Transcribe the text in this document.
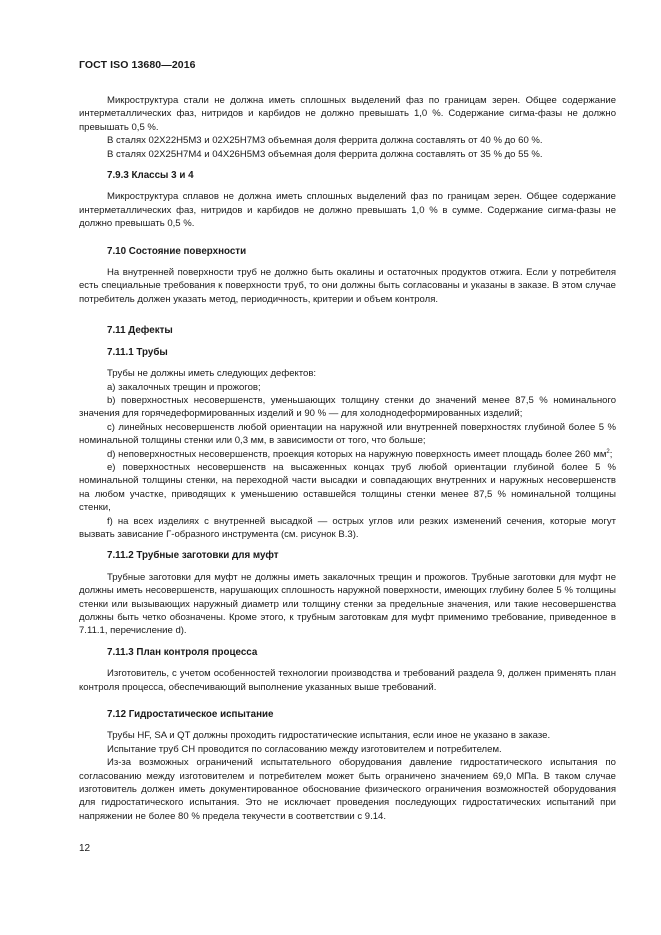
ГОСТ ISO 13680—2016

Микроструктура стали не должна иметь сплошных выделений фаз по границам зерен. Общее содержание интерметаллических фаз, нитридов и карбидов не должно превышать 1,0 %. Содержание сигма-фазы не должно превышать 0,5 %.

В сталях 02Х22Н5М3 и 02Х25Н7М3 объемная доля феррита должна составлять от 40 % до 60 %.

В сталях 02Х25Н7М4 и 04Х26Н5М3 объемная доля феррита должна составлять от 35 % до 55 %.

7.9.3 Классы 3 и 4

Микроструктура сплавов не должна иметь сплошных выделений фаз по границам зерен. Общее содержание интерметаллических фаз, нитридов и карбидов не должно превышать 1,0 % в сумме. Содержание сигма-фазы не должно превышать 0,5 %.

7.10 Состояние поверхности

На внутренней поверхности труб не должно быть окалины и остаточных продуктов отжига. Если у потребителя есть специальные требования к поверхности труб, то они должны быть согласованы и указаны в заказе. В этом случае потребитель должен указать метод, периодичность, критерии и объем контроля.

7.11 Дефекты
7.11.1 Трубы

Трубы не должны иметь следующих дефектов:

а) закалочных трещин и прожогов;

b) поверхностных несовершенств, уменьшающих толщину стенки до значений менее 87,5 % номинального значения для горячедеформированных изделий и 90 % — для холоднодеформированных изделий;

c) линейных несовершенств любой ориентации на наружной или внутренней поверхностях глубиной более 5 % номинальной толщины стенки или 0,3 мм, в зависимости от того, что больше;

d) неповерхностных несовершенств, проекция которых на наружную поверхность имеет площадь более 260 $мм^2$;

e) поверхностных несовершенств на высаженных концах труб любой ориентации глубиной более 5 % номинальной толщины стенки, на переходной части высадки и совпадающих внутренних и наружных несовершенств на любом участке, приводящих к уменьшению оставшейся толщины стенки менее 87,5 % номинальной толщины стенки,

f) на всех изделиях с внутренней высадкой — острых углов или резких изменений сечения, которые могут вызвать зависание Г-образного инструмента (см. рисунок В.3).

7.11.2 Трубные заготовки для муфт

Трубные заготовки для муфт не должны иметь закалочных трещин и прожогов. Трубные заготовки для муфт не должны иметь несовершенств, нарушающих сплошность наружной поверхности, имеющих глубину более 5 % толщины стенки или вызывающих наружный диаметр или толщину стенки за предельные значения, или такие несовершенства должны быть четко обозначены. Кроме этого, к трубным заготовкам для муфт применимо требование, приведенное в 7.11.1, перечисление d).

7.11.3 План контроля процесса

Изготовитель, с учетом особенностей технологии производства и требований раздела 9, должен применять план контроля процесса, обеспечивающий выполнение указанных выше требований.

7.12 Гидростатическое испытание

Трубы HF, SA и QT должны проходить гидростатические испытания, если иное не указано в заказе.

Испытание труб СН проводится по согласованию между изготовителем и потребителем.

Из-за возможных ограничений испытательного оборудования давление гидростатического испытания по согласованию между изготовителем и потребителем может быть ограничено значением 69,0 МПа. В таком случае изготовитель должен иметь документированное обоснование физического ограничения возможностей оборудования для гидростатического испытания. Это не исключает проведения последующих гидростатических испытаний при напряжении не более 80 % предела текучести в соответствии с 9.14.

12
